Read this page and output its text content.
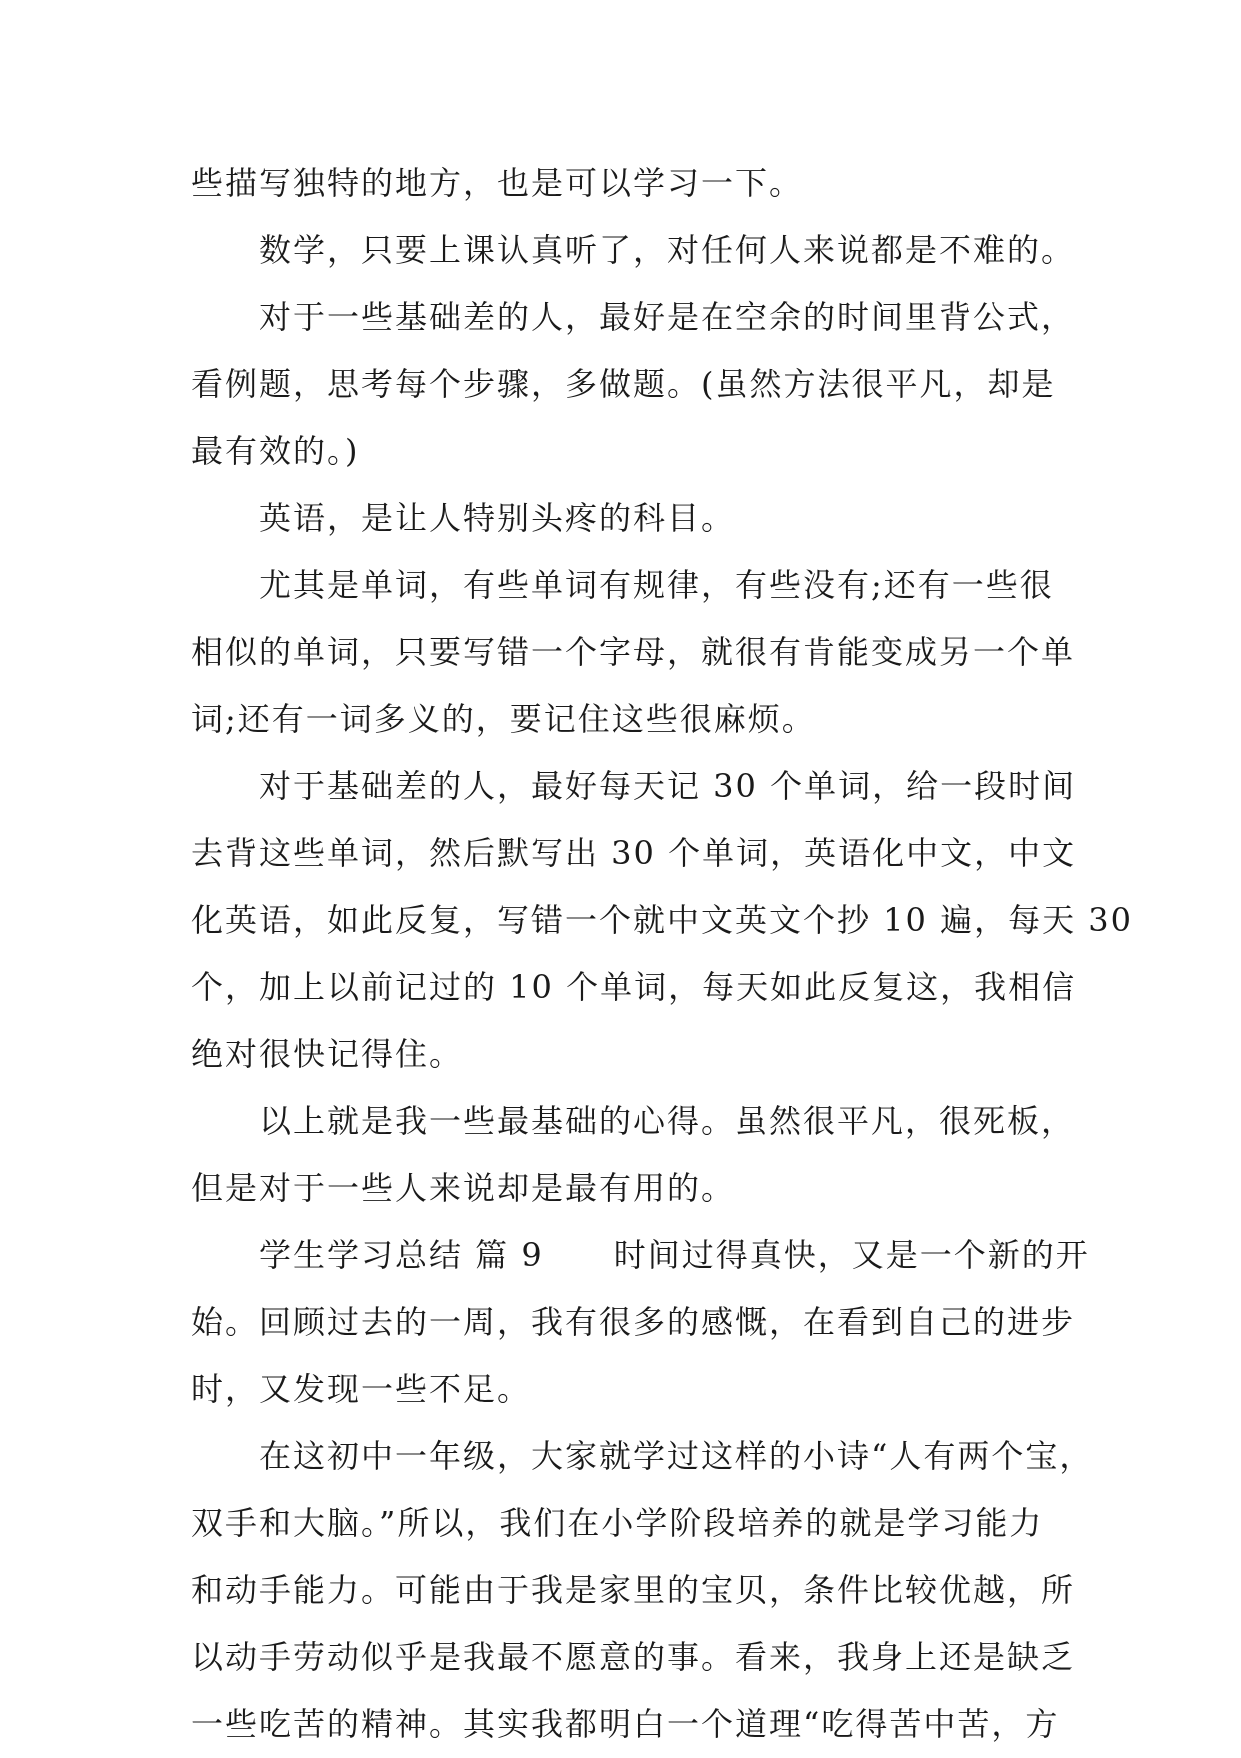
些描写独特的地方，也是可以学习一下。
数学，只要上课认真听了，对任何人来说都是不难的。
对于一些基础差的人，最好是在空余的时间里背公式，
看例题，思考每个步骤，多做题。(虽然方法很平凡，却是
最有效的。)
英语，是让人特别头疼的科目。
尤其是单词，有些单词有规律，有些没有;还有一些很
相似的单词，只要写错一个字母，就很有肯能变成另一个单
词;还有一词多义的，要记住这些很麻烦。
对于基础差的人，最好每天记 30 个单词，给一段时间
去背这些单词，然后默写出 30 个单词，英语化中文，中文
化英语，如此反复，写错一个就中文英文个抄 10 遍，每天 30
个，加上以前记过的 10 个单词，每天如此反复这，我相信
绝对很快记得住。
以上就是我一些最基础的心得。虽然很平凡，很死板，
但是对于一些人来说却是最有用的。
学生学习总结 篇 9 时间过得真快，又是一个新的开
始。回顾过去的一周，我有很多的感慨，在看到自己的进步
时，又发现一些不足。
在这初中一年级，大家就学过这样的小诗“人有两个宝，
双手和大脑。”所以，我们在小学阶段培养的就是学习能力
和动手能力。可能由于我是家里的宝贝，条件比较优越，所
以动手劳动似乎是我最不愿意的事。看来，我身上还是缺乏
一些吃苦的精神。其实我都明白一个道理“吃得苦中苦，方
